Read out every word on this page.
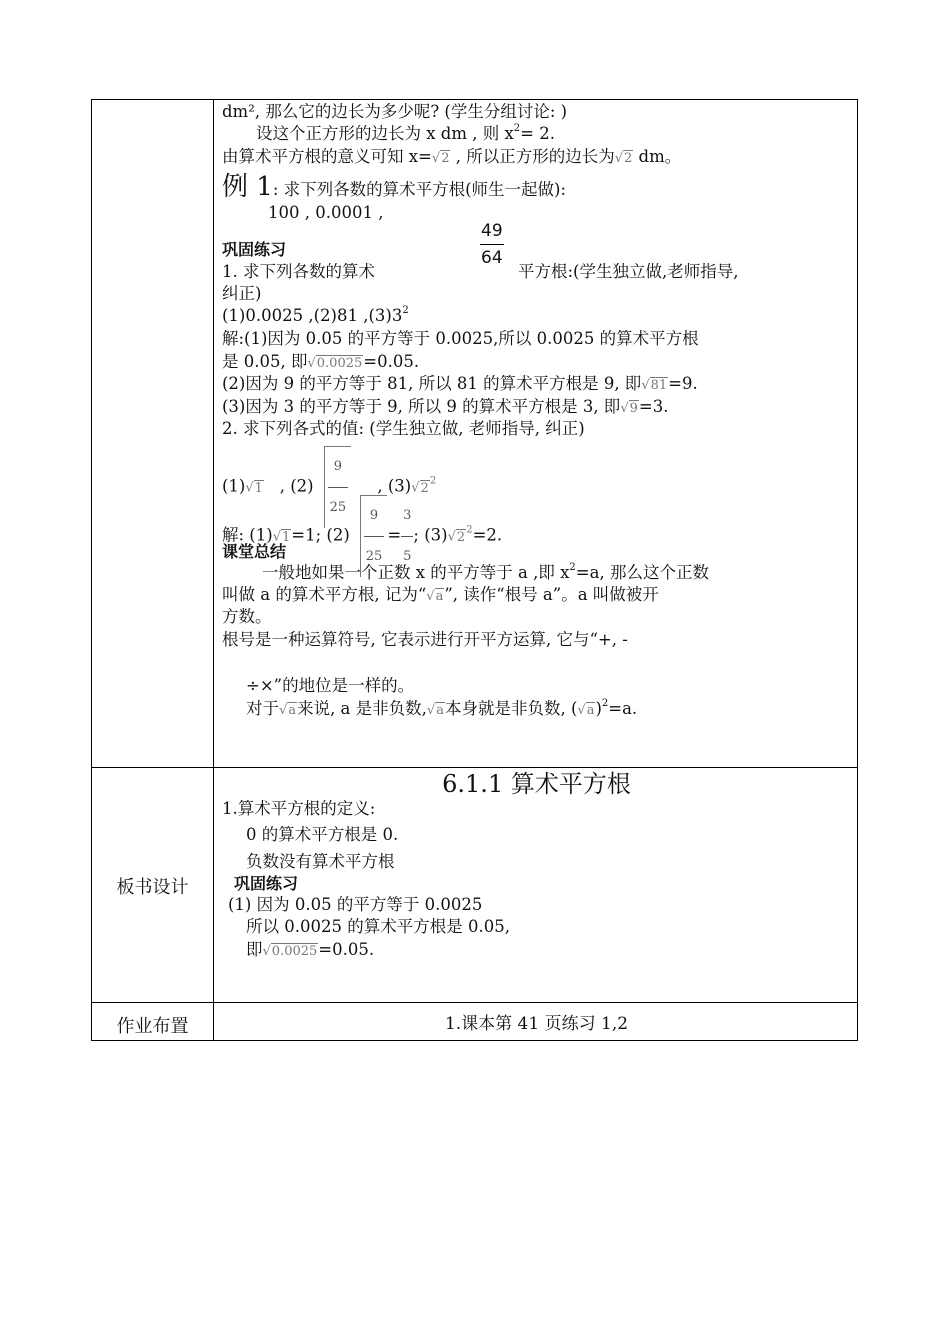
dm², 那么它的边长为多少呢? (学生分组讨论: )
设这个正方形的边长为 x dm , 则 $x^2= 2$.
由算术平方根的意义可知 x=√2 , 所以正方形的边长为√2 dm。
例 1: 求下列各数的算术平方根(师生一起做):
100 , 0.0001 ,
$\frac{49}{64}$
巩固练习
1. 求下列各数的算术	平方根:(学生独立做,老师指导,
纠正)
(1)0.0025 ,(2)81 $,(3)3^2$
解:(1)因为 0.05 的平方等于 0.0025,所以 0.0025 的算术平方根
是 0.05, 即√0.0025=0.05.
(2)因为 9 的平方等于 81, 所以 81 的算术平方根是 9, 即√81=9.
(3)因为 3 的平方等于 9, 所以 9 的算术平方根是 3, 即√9=3.
2. 求下列各式的值: (学生独立做, 老师指导, 纠正)
(1)√1 , $(2) \frac{9}{25}$ , $(3)√2^2$
解: (1)√1=1; $(2) \frac{9}{25} = \frac{3}{5}$ ; $(3)√2^2=2$.
课堂总结
一般地如果一个正数 x 的平方等于 a ,即 $x^2=a$, 那么这个正数
叫做 a 的算术平方根, 记为“√a”, 读作“根号 a”。a 叫做被开
方数。
根号是一种运算符号, 它表示进行开平方运算, 它与“+, -
÷×”的地位是一样的。
对于√a来说, a 是非负数,√a本身就是非负数, $(√a)^2=a$.
板书设计
6.1.1 算术平方根
1.算术平方根的定义:
0 的算术平方根是 0.
负数没有算术平方根
巩固练习
(1) 因为 0.05 的平方等于 0.0025
所以 0.0025 的算术平方根是 0.05,
即√0.0025=0.05.
作业布置	1.课本第 41 页练习 1,2
